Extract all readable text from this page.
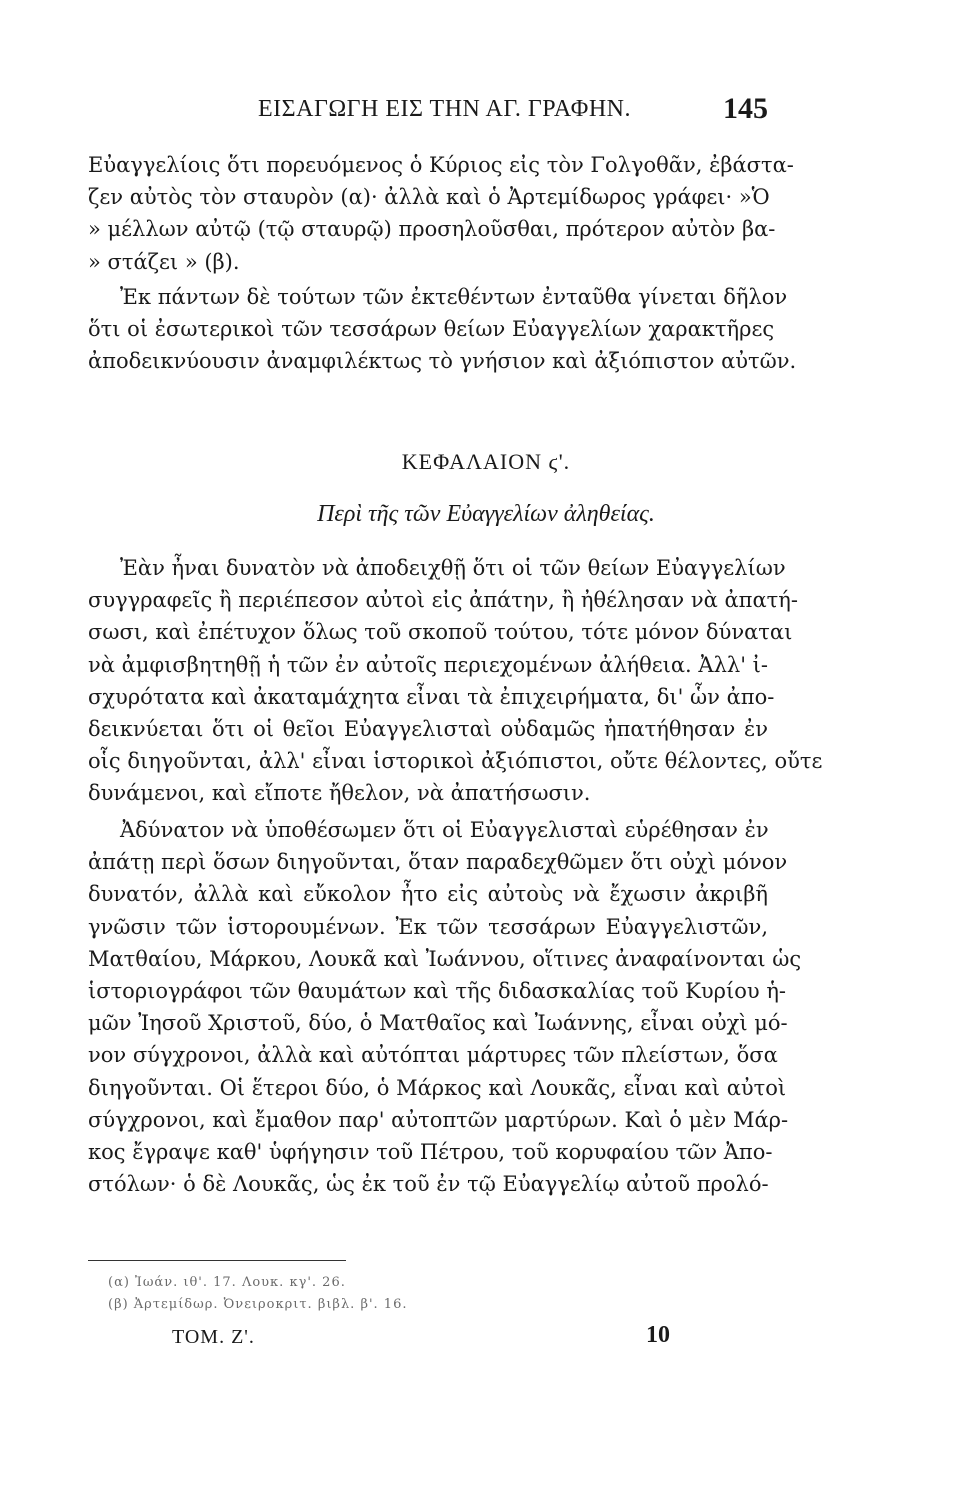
ΕΙΣΑΓΩΓΗ ΕΙΣ ΤΗΝ ΑΓ. ΓΡΑΦΗΝ.	145
Εὐαγγελίοις ὅτι πορευόμενος ὁ Κύριος εἰς τὸν Γολγοθᾶν, ἐβάστα-
ζεν αὐτὸς τὸν σταυρὸν (α)· ἀλλὰ καὶ ὁ Ἀρτεμίδωρος γράφει· »Ὁ
» μέλλων αὐτῷ (τῷ σταυρῷ) προσηλοῦσθαι, πρότερον αὐτὸν βα-
» στάζει » (β).
Ἐκ πάντων δὲ τούτων τῶν ἐκτεθέντων ἐνταῦθα γίνεται δῆλον
ὅτι οἱ ἐσωτερικοὶ τῶν τεσσάρων θείων Εὐαγγελίων χαρακτῆρες
ἀποδεικνύουσιν ἀναμφιλέκτως τὸ γνήσιον καὶ ἀξιόπιστον αὐτῶν.
ΚΕΦΑΛΑΙΟΝ ϛ'.
Περὶ τῆς τῶν Εὐαγγελίων ἀληθείας.
Ἐὰν ἦναι δυνατὸν νὰ ἀποδειχθῇ ὅτι οἱ τῶν θείων Εὐαγγελίων
συγγραφεῖς ἢ περιέπεσον αὐτοὶ εἰς ἀπάτην, ἢ ἠθέλησαν νὰ ἀπατή-
σωσι, καὶ ἐπέτυχον ὅλως τοῦ σκοποῦ τούτου, τότε μόνον δύναται
νὰ ἀμφισβητηθῇ ἡ τῶν ἐν αὐτοῖς περιεχομένων ἀλήθεια. Ἀλλ' ἰ-
σχυρότατα καὶ ἀκαταμάχητα εἶναι τὰ ἐπιχειρήματα, δι' ὧν ἀπο-
δεικνύεται ὅτι οἱ θεῖοι Εὐαγγελισταὶ οὐδαμῶς ἠπατήθησαν ἐν
οἷς διηγοῦνται, ἀλλ' εἶναι ἱστορικοὶ ἀξιόπιστοι, οὔτε θέλοντες, οὔτε
δυνάμενοι, καὶ εἴποτε ἤθελον, νὰ ἀπατήσωσιν.
Ἀδύνατον νὰ ὑποθέσωμεν ὅτι οἱ Εὐαγγελισταὶ εὑρέθησαν ἐν
ἀπάτῃ περὶ ὅσων διηγοῦνται, ὅταν παραδεχθῶμεν ὅτι οὐχὶ μόνον
δυνατόν, ἀλλὰ καὶ εὔκολον ἦτο εἰς αὐτοὺς νὰ ἔχωσιν ἀκριβῆ
γνῶσιν τῶν ἱστορουμένων. Ἐκ τῶν τεσσάρων Εὐαγγελιστῶν,
Ματθαίου, Μάρκου, Λουκᾶ καὶ Ἰωάννου, οἵτινες ἀναφαίνονται ὡς
ἱστοριογράφοι τῶν θαυμάτων καὶ τῆς διδασκαλίας τοῦ Κυρίου ἡ-
μῶν Ἰησοῦ Χριστοῦ, δύο, ὁ Ματθαῖος καὶ Ἰωάννης, εἶναι οὐχὶ μό-
νον σύγχρονοι, ἀλλὰ καὶ αὐτόπται μάρτυρες τῶν πλείστων, ὅσα
διηγοῦνται. Οἱ ἕτεροι δύο, ὁ Μάρκος καὶ Λουκᾶς, εἶναι καὶ αὐτοὶ
σύγχρονοι, καὶ ἔμαθον παρ' αὐτοπτῶν μαρτύρων. Καὶ ὁ μὲν Μάρ-
κος ἔγραψε καθ' ὑφήγησιν τοῦ Πέτρου, τοῦ κορυφαίου τῶν Ἀπο-
στόλων· ὁ δὲ Λουκᾶς, ὡς ἐκ τοῦ ἐν τῷ Εὐαγγελίῳ αὐτοῦ προλό-
(α) Ἰωάν. ιθ'. 17. Λουκ. κγ'. 26.
(β) Ἀρτεμίδωρ. Ὀνειροκριτ. βιβλ. β'. 16.
ΤΟΜ. Ζ'.	10
